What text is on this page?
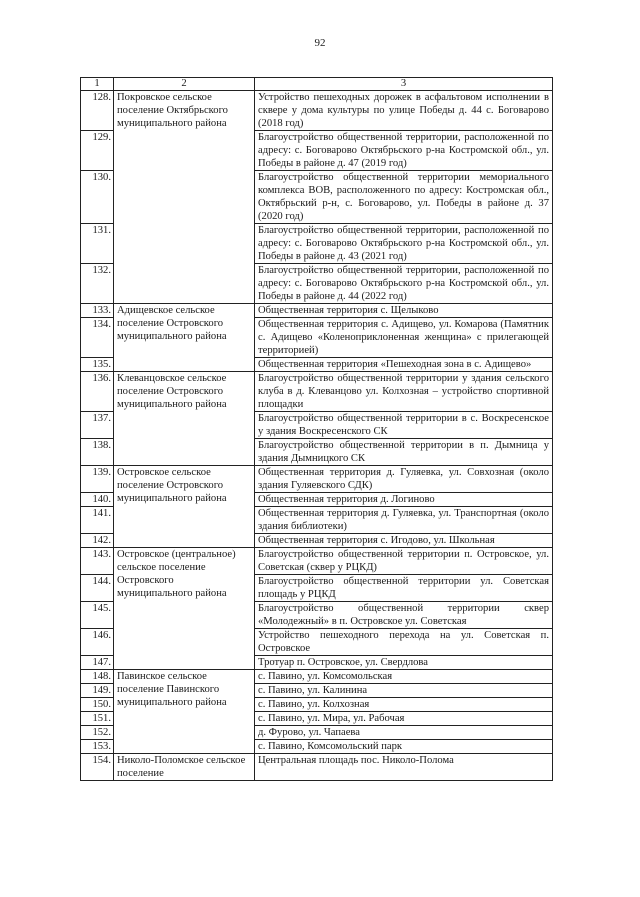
92
1	2	3
128.	Покровское сельское поселение Октябрьского муниципального района	Устройство пешеходных дорожек в асфальтовом исполнении в сквере у дома культуры по улице Победы д. 44 с. Боговарово (2018 год)
129.		Благоустройство общественной территории, расположенной по адресу: с. Боговарово Октябрьского р-на Костромской обл., ул. Победы в районе д. 47 (2019 год)
130.		Благоустройство общественной территории мемориального комплекса ВОВ, расположенного по адресу: Костромская обл., Октябрьский р-н, с. Боговарово, ул. Победы в районе д. 37 (2020 год)
131.		Благоустройство общественной территории, расположенной по адресу: с. Боговарово Октябрьского р-на Костромской обл., ул. Победы в районе д. 43 (2021 год)
132.		Благоустройство общественной территории, расположенной по адресу: с. Боговарово Октябрьского р-на Костромской обл., ул. Победы в районе д. 44 (2022 год)
133.	Адищевское сельское поселение Островского муниципального района	Общественная территория с. Щелыково
134.		Общественная территория с. Адищево, ул. Комарова (Памятник с. Адищево «Коленоприклоненная женщина» с прилегающей территорией)
135.		Общественная территория «Пешеходная зона в с. Адищево»
136.	Клеванцовское сельское поселение Островского муниципального района	Благоустройство общественной территории у здания сельского клуба в д. Клеванцово ул. Колхозная – устройство спортивной площадки
137.		Благоустройство общественной территории в с. Воскресенское у здания Воскресенского СК
138.		Благоустройство общественной территории в п. Дымница у здания Дымницкого СК
139.	Островское сельское поселение Островского муниципального района	Общественная территория д. Гуляевка, ул. Совхозная (около здания Гуляевского СДК)
140.		Общественная территория д. Логиново
141.		Общественная территория д. Гуляевка, ул. Транспортная (около здания библиотеки)
142.		Общественная территория с. Игодово, ул. Школьная
143.	Островское (центральное) сельское поселение Островского муниципального района	Благоустройство общественной территории п. Островское, ул. Советская (сквер у РЦКД)
144.		Благоустройство общественной территории ул. Советская площадь у РЦКД
145.		Благоустройство общественной территории сквер «Молодежный» в п. Островское ул. Советская
146.		Устройство пешеходного перехода на ул. Советская п. Островское
147.		Тротуар п. Островское, ул. Свердлова
148.	Павинское сельское поселение Павинского муниципального района	с. Павино, ул. Комсомольская
149.		с. Павино, ул. Калинина
150.		с. Павино, ул. Колхозная
151.		с. Павино, ул. Мира, ул. Рабочая
152.		д. Фурово, ул. Чапаева
153.		с. Павино, Комсомольский парк
154.	Николо-Поломское сельское поселение	Центральная площадь пос. Николо-Полома
